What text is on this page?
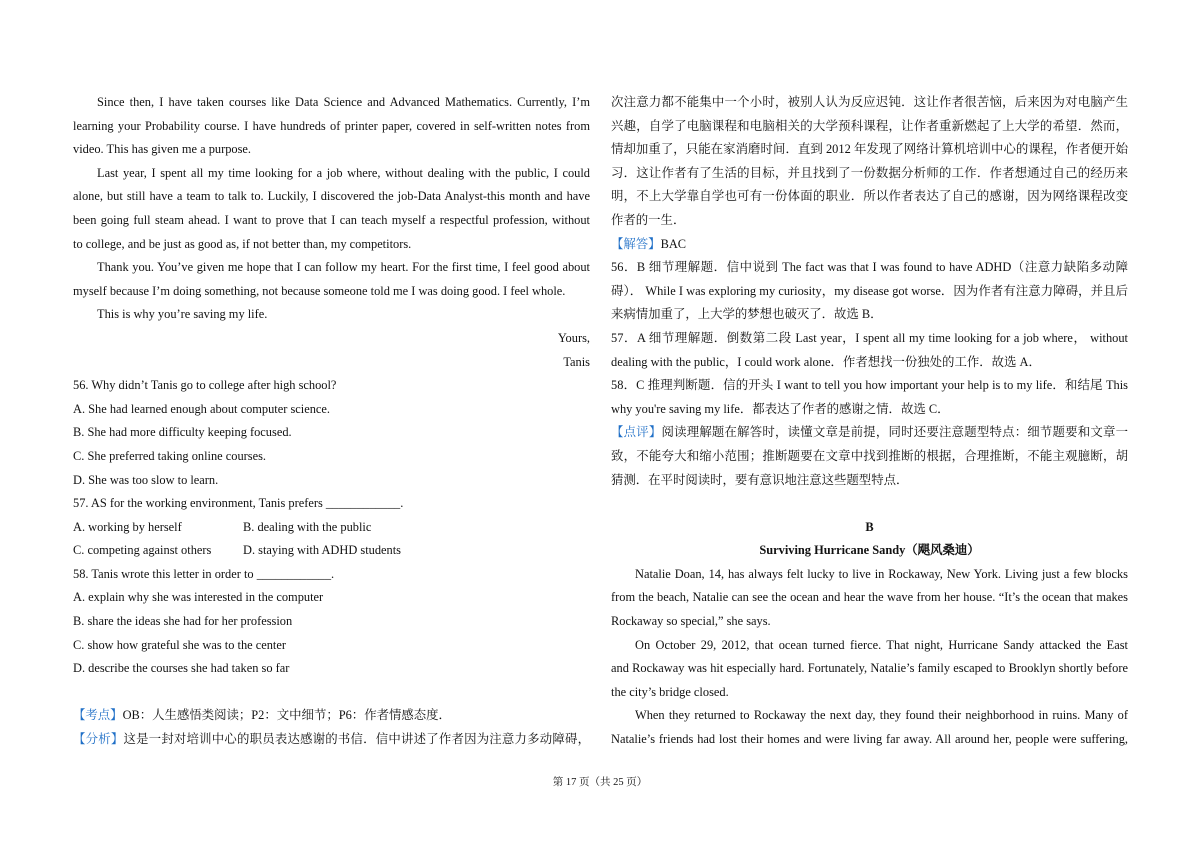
Since then, I have taken courses like Data Science and Advanced Mathematics. Currently, I’m
learning your Probability course. I have hundreds of printer paper, covered in self-written notes from
video. This has given me a purpose.
Last year, I spent all my time looking for a job where, without dealing with the public, I could
alone, but still have a team to talk to. Luckily, I discovered the job-Data Analyst-this month and have
been going full steam ahead. I want to prove that I can teach myself a respectful profession, without
to college, and be just as good as, if not better than, my competitors.
Thank you. You’ve given me hope that I can follow my heart. For the first time, I feel good about
myself because I’m doing something, not because someone told me I was doing good. I feel whole.
This is why you’re saving my life.
Yours,
Tanis
56. Why didn’t Tanis go to college after high school?
A. She had learned enough about computer science.
B. She had more difficulty keeping focused.
C. She preferred taking online courses.
D. She was too slow to learn.
57. AS for the working environment, Tanis prefers ____________.
A. working by herself	B. dealing with the public
C. competing against others	D. staying with ADHD students
58. Tanis wrote this letter in order to ____________.
A. explain why she was interested in the computer
B. share the ideas she had for her profession
C. show how grateful she was to the center
D. describe the courses she had taken so far
【考点】OB：人生感悟类阅读；P2：文中细节；P6：作者情感态度．
【分析】这是一封对培训中心的职员表达感谢的书信．信中讲述了作者因为注意力多动障碍，
次注意力都不能集中一个小时，被别人认为反应迟钝．这让作者很苦恼，后来因为对电脑产生
兴趣，自学了电脑课程和电脑相关的大学预科课程，让作者重新燃起了上大学的希望．然而，
情却加重了，只能在家消磨时间．直到 2012 年发现了网络计算机培训中心的课程，作者便开始
习．这让作者有了生活的目标，并且找到了一份数据分析师的工作．作者想通过自己的经历来
明，不上大学靠自学也可有一份体面的职业．所以作者表达了自己的感谢，因为网络课程改变
作者的一生．
【解答】BAC
56．B 细节理解题．信中说到 The fact was that I was found to have ADHD（注意力缺陷多动障
碍）． While I was exploring my curiosity，my disease got worse．因为作者有注意力障碍，并且后
来病情加重了，上大学的梦想也破灭了．故选 B．
57．A 细节理解题．倒数第二段 Last year，I spent all my time looking for a job where， without
dealing with the public，I could work alone．作者想找一份独处的工作．故选 A．
58．C 推理判断题．信的开头 I want to tell you how important your help is to my life．和结尾 This
why you're saving my life．都表达了作者的感谢之情．故选 C．
【点评】阅读理解题在解答时，读懂文章是前提，同时还要注意题型特点：细节题要和文章一
致，不能夸大和缩小范围；推断题要在文章中找到推断的根据，合理推断，不能主观臆断，胡
猜测．在平时阅读时，要有意识地注意这些题型特点．
B
Surviving Hurricane Sandy（飓风桑迪）
Natalie Doan, 14, has always felt lucky to live in Rockaway, New York. Living just a few blocks
from the beach, Natalie can see the ocean and hear the wave from her house. “It’s the ocean that makes
Rockaway so special,” she says.
On October 29, 2012, that ocean turned fierce. That night, Hurricane Sandy attacked the East
and Rockaway was hit especially hard. Fortunately, Natalie’s family escaped to Brooklyn shortly before
the city’s bridge closed.
When they returned to Rockaway the next day, they found their neighborhood in ruins. Many of
Natalie’s friends had lost their homes and were living far away. All around her, people were suffering,
第 17 页（共 25 页）
